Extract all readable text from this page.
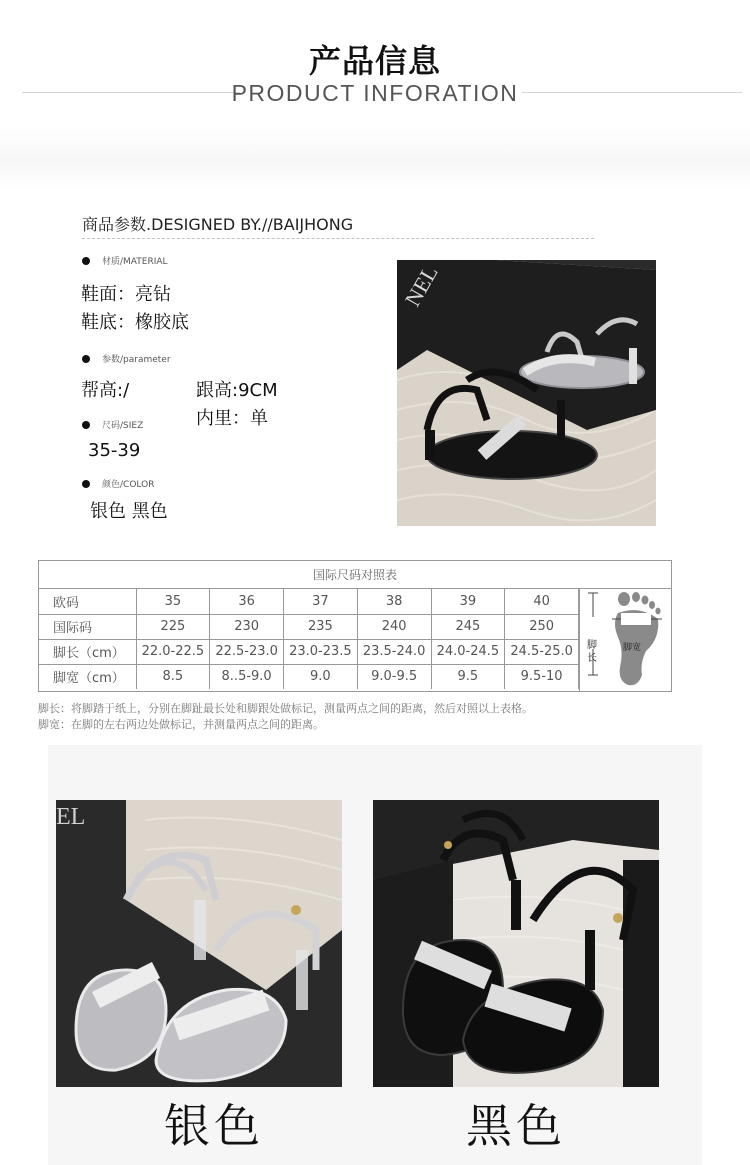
产品信息
PRODUCT INFORATION
商品参数.DESIGNED BY.//BAIJHONG
材质/MATERIAL
鞋面：亮钻
鞋底：橡胶底
参数/parameter
帮高:/	跟高:9CM
内里：单
尺码/SIEZ
35-39
颜色/COLOR
银色 黑色
NEL
国际尺码对照表
欧码	35	36	37	38	39	40
国际码	225	230	235	240	245	250
脚长（cm）	22.0-22.5	22.5-23.0	23.0-23.5	23.5-24.0	24.0-24.5	24.5-25.0
脚宽（cm）	8.5	8..5-9.0	9.0	9.0-9.5	9.5	9.5-10
脚长
脚宽
脚长：将脚踏于纸上，分别在脚趾最长处和脚跟处做标记，测量两点之间的距离，然后对照以上表格。
脚宽：在脚的左右两边处做标记，并测量两点之间的距离。
EL
银色	黑色
